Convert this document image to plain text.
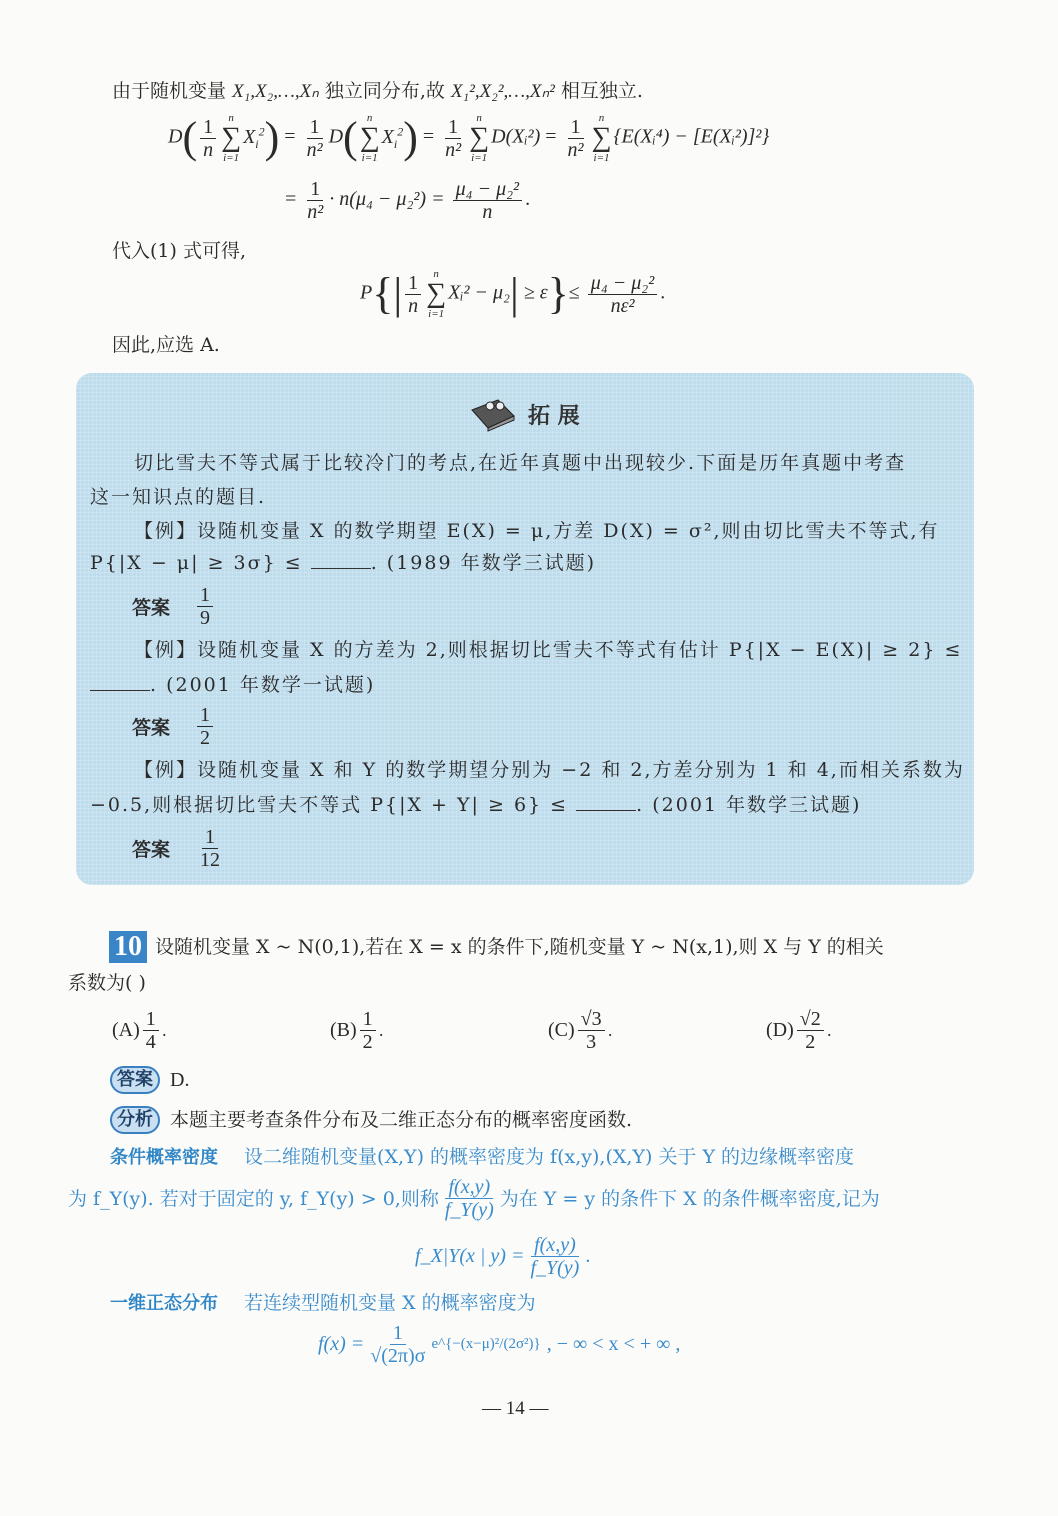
由于随机变量 X₁,X₂,…,Xₙ 独立同分布,故 X₁²,X₂²,…,Xₙ² 相互独立.
$D( \frac{1}{n}$ n
∑
i=1
$X_i^2) = \frac{1}{\text{n²}} D$( n
∑
i=1
$X_i^2) = \frac{1}{\text{n²}}$ n
∑
i=1
D(Xᵢ²) = $\frac{1}{\text{n²}}$ n
∑
i=1
{E(Xᵢ⁴) − [E(Xᵢ²)]²}
= $\frac{1}{\text{n²}} \cdot n(\mu_4 - \mu_2^2) = \frac{\text{μ₄ − μ₂²}}{n}$ .
代入(1) 式可得,
$P\{| \frac{1}{n}$ n
∑
i=1
Xᵢ² − $\mu_2| \ge \varepsilon\}\le \frac{\text{μ₄ − μ₂²}}{\text{nε²}}$ .
因此,应选 A.
拓 展
切比雪夫不等式属于比较冷门的考点,在近年真题中出现较少.下面是历年真题中考查
这一知识点的题目.
【例】设随机变量 X 的数学期望 E(X) = μ,方差 D(X) = σ²,则由切比雪夫不等式,有
P{|X − μ| ≥ 3σ} ≤	. (1989 年数学三试题)
答案 $\frac{1}{9}$
【例】设随机变量 X 的方差为 2,则根据切比雪夫不等式有估计 P{|X − E(X)| ≥ 2} ≤
. (2001 年数学一试题)
答案 $\frac{1}{2}$
【例】设随机变量 X 和 Y 的数学期望分别为 −2 和 2,方差分别为 1 和 4,而相关系数为
−0.5,则根据切比雪夫不等式 P{|X + Y| ≥ 6} ≤	. (2001 年数学三试题)
答案 $\frac{1}{12}$
10 设随机变量 X ~ N(0,1),若在 X = x 的条件下,随机变量 Y ~ N(x,1),则 X 与 Y 的相关
系数为( )
$(A) \frac{1}{4}$ .	$(B) \frac{1}{2}$ .	$(C) \frac{√3}{3}$ .	$(D) \frac{√2}{2}$ .
答案 D.
分析 本题主要考查条件分布及二维正态分布的概率密度函数.
条件概率密度 设二维随机变量(X,Y) 的概率密度为 f(x,y),(X,Y) 关于 Y 的边缘概率密度
为 f_Y(y). 若对于固定的 y, f_Y(y) > 0,则称 $\frac{f(x,y)}{f\_Y(y)}$ 为在 Y = y 的条件下 X 的条件概率密度,记为
f_X|Y(x | $y) = \frac{f(x,y)}{f\_Y(y)}$ .
一维正态分布 若连续型随机变量 X 的概率密度为
$f(x) = \frac{1}{√(2\pi)\sigma}$ e^{−(x−μ)²/(2σ²)} , − ∞ < x < + ∞ ,
— 14 —
